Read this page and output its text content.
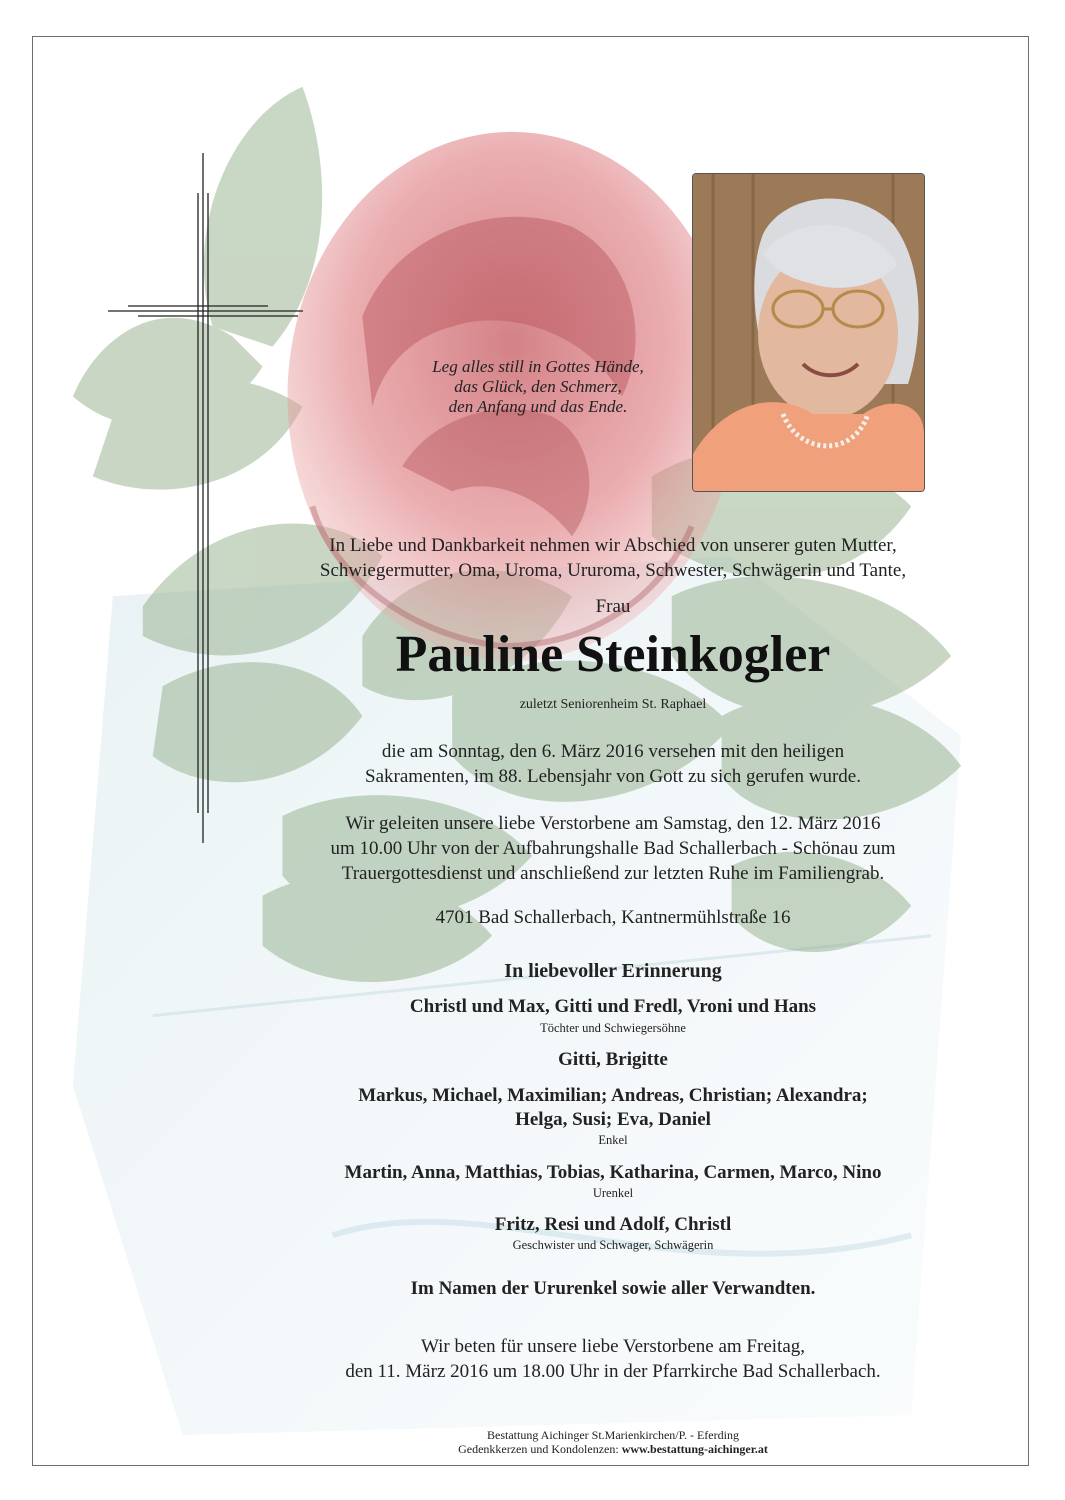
Leg alles still in Gottes Hände,
das Glück, den Schmerz,
den Anfang und das Ende.
In Liebe und Dankbarkeit nehmen wir Abschied von unserer guten Mutter,
Schwiegermutter, Oma, Uroma, Ururoma, Schwester, Schwägerin und Tante,
Frau
Pauline Steinkogler
zuletzt Seniorenheim St. Raphael
die am Sonntag, den 6. März 2016 versehen mit den heiligen
Sakramenten, im 88. Lebensjahr von Gott zu sich gerufen wurde.
Wir geleiten unsere liebe Verstorbene am Samstag, den 12. März 2016
um 10.00 Uhr von der Aufbahrungshalle Bad Schallerbach - Schönau zum
Trauergottesdienst und anschließend zur letzten Ruhe im Familiengrab.
4701 Bad Schallerbach, Kantnermühlstraße 16
In liebevoller Erinnerung
Christl und Max, Gitti und Fredl, Vroni und Hans
Töchter und Schwiegersöhne
Gitti, Brigitte
Markus, Michael, Maximilian; Andreas, Christian; Alexandra;
Helga, Susi; Eva, Daniel
Enkel
Martin, Anna, Matthias, Tobias, Katharina, Carmen, Marco, Nino
Urenkel
Fritz, Resi und Adolf, Christl
Geschwister und Schwager, Schwägerin
Im Namen der Ururenkel sowie aller Verwandten.
Wir beten für unsere liebe Verstorbene am Freitag,
den 11. März 2016 um 18.00 Uhr in der Pfarrkirche Bad Schallerbach.
Bestattung Aichinger St.Marienkirchen/P. - Eferding
Gedenkkerzen und Kondolenzen: www.bestattung-aichinger.at
